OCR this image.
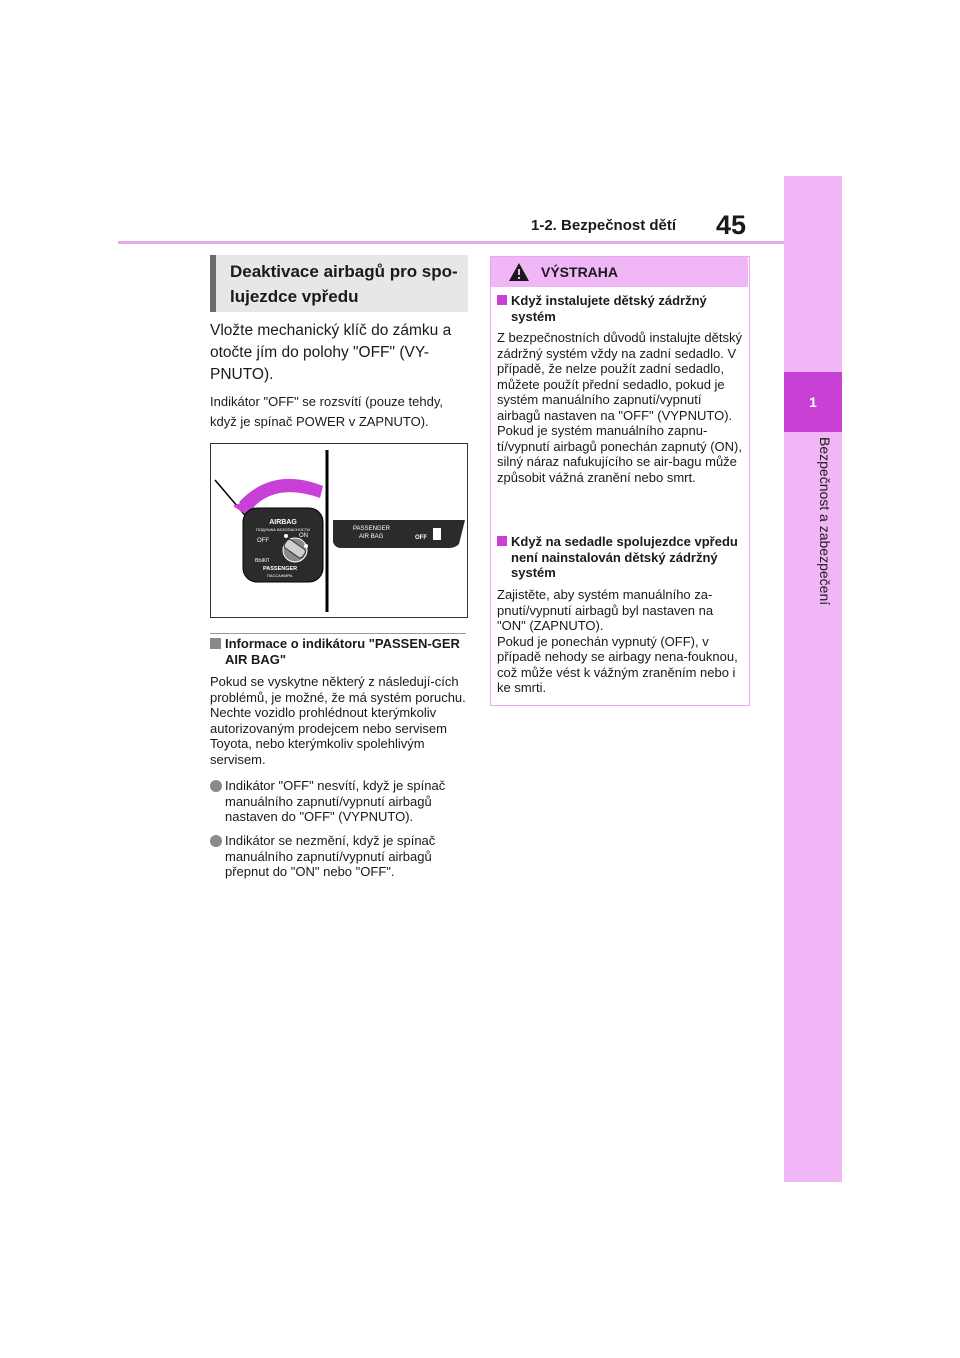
1-2. Bezpečnost dětí 45
1
Bezpečnost a zabezpečení
Deaktivace airbagů pro spo-lujezdce vpředu
Vložte mechanický klíč do zámku a otočte jím do polohy "OFF" (VY-PNUTO).
Indikátor "OFF" se rozsvítí (pouze tehdy, když je spínač POWER v ZAPNUTO).
AIRBAG
ПОДУШКА БЕЗОПАСНОСТИ
OFF
ON
ВЫКЛ
PASSENGER
ПАССАЖИРА
PASSENGER
AIR BAG	OFF
Informace o indikátoru "PASSEN-GER AIR BAG"
Pokud se vyskytne některý z následují-cích problémů, je možné, že má systém poruchu. Nechte vozidlo prohlédnout kterýmkoliv autorizovaným prodejcem nebo servisem Toyota, nebo kterýmkoliv spolehlivým servisem.
Indikátor "OFF" nesvítí, když je spínač manuálního zapnutí/vypnutí airbagů nastaven do "OFF" (VYPNUTO).
Indikátor se nezmění, když je spínač manuálního zapnutí/vypnutí airbagů přepnut do "ON" nebo "OFF".
VÝSTRAHA
Když instalujete dětský zádržný systém
Z bezpečnostních důvodů instalujte dětský zádržný systém vždy na zadní sedadlo. V případě, že nelze použít zadní sedadlo, můžete použít přední sedadlo, pokud je systém manuálního zapnutí/vypnutí airbagů nastaven na "OFF" (VYPNUTO).
Pokud je systém manuálního zapnu-tí/vypnutí airbagů ponechán zapnutý (ON), silný náraz nafukujícího se air-bagu může způsobit vážná zranění nebo smrt.
Když na sedadle spolujezdce vpředu není nainstalován dětský zádržný systém
Zajistěte, aby systém manuálního za-pnutí/vypnutí airbagů byl nastaven na "ON" (ZAPNUTO).
Pokud je ponechán vypnutý (OFF), v případě nehody se airbagy nena-fouknou, což může vést k vážným zraněním nebo i ke smrti.
